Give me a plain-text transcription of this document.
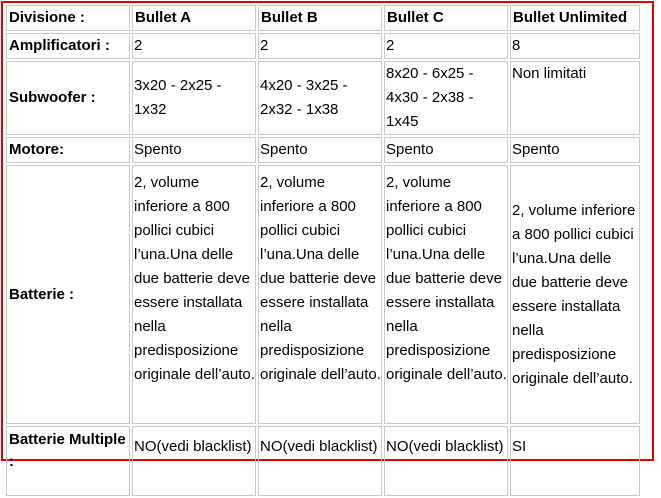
Divisione :	Bullet A	Bullet B	Bullet C	Bullet Unlimited
Amplificatori :	2	2	2	8
Subwoofer :	3x20 - 2x25 - 1x32	4x20 - 3x25 - 2x32 - 1x38	8x20 - 6x25 - 4x30 - 2x38 - 1x45	Non limitati
Motore:	Spento	Spento	Spento	Spento
Batterie :	2, volume inferiore a 800 pollici cubici l’una.Una delle due batterie deve essere installata nella predisposizione originale dell’auto.	2, volume inferiore a 800 pollici cubici l’una.Una delle due batterie deve essere installata nella predisposizione originale dell’auto.	2, volume inferiore a 800 pollici cubici l’una.Una delle due batterie deve essere installata nella predisposizione originale dell’auto.	2, volume inferiore a 800 pollici cubici l’una.Una delle due batterie deve essere installata nella predisposizione originale dell’auto.
Batterie Multiple :	NO(vedi blacklist)	NO(vedi blacklist)	NO(vedi blacklist)	SI
